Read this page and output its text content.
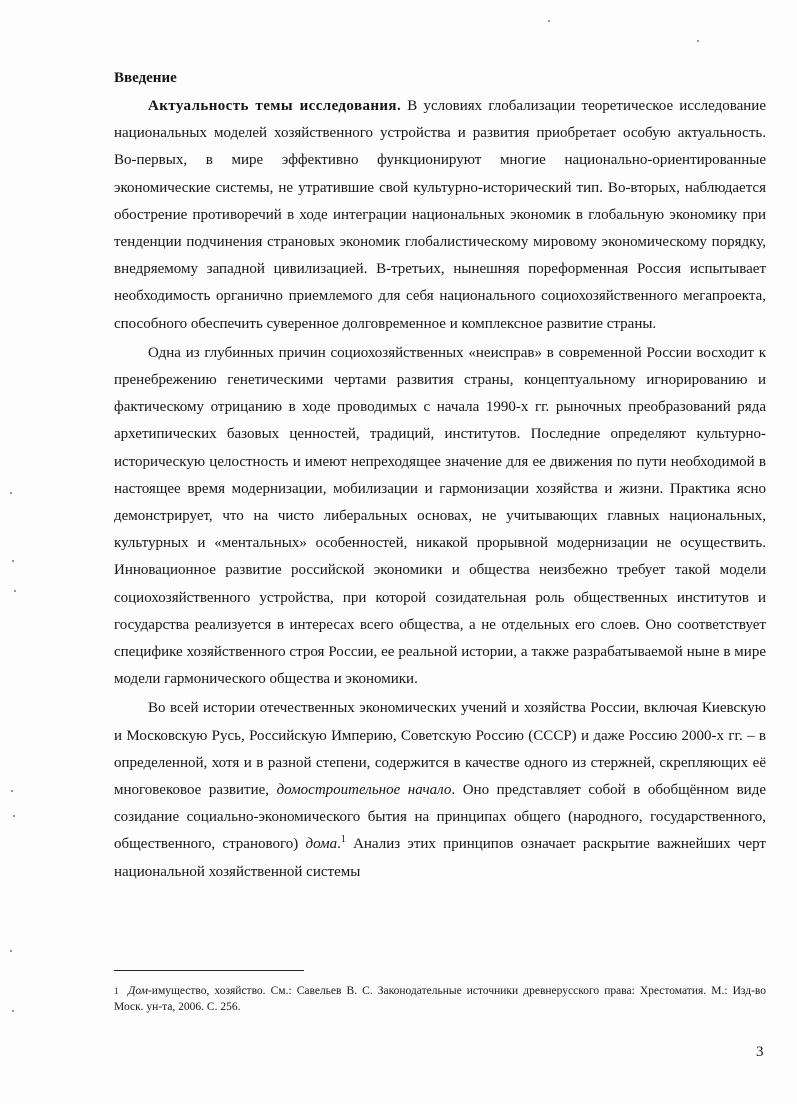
Введение

Актуальность темы исследования. В условиях глобализации теоретическое исследование национальных моделей хозяйственного устройства и развития приобретает особую актуальность. Во-первых, в мире эффективно функционируют многие национально-ориентированные экономические системы, не утратившие свой культурно-исторический тип. Во-вторых, наблюдается обострение противоречий в ходе интеграции национальных экономик в глобальную экономику при тенденции подчинения страновых экономик глобалистическому мировому экономическому порядку, внедряемому западной цивилизацией. В-третьих, нынешняя пореформенная Россия испытывает необходимость органично приемлемого для себя национального социохозяйственного мегапроекта, способного обеспечить суверенное долговременное и комплексное развитие страны.

Одна из глубинных причин социохозяйственных «неисправ» в современной России восходит к пренебрежению генетическими чертами развития страны, концептуальному игнорированию и фактическому отрицанию в ходе проводимых с начала 1990-х гг. рыночных преобразований ряда архетипических базовых ценностей, традиций, институтов. Последние определяют культурно-историческую целостность и имеют непреходящее значение для ее движения по пути необходимой в настоящее время модернизации, мобилизации и гармонизации хозяйства и жизни. Практика ясно демонстрирует, что на чисто либеральных основах, не учитывающих главных национальных, культурных и «ментальных» особенностей, никакой прорывной модернизации не осуществить. Инновационное развитие российской экономики и общества неизбежно требует такой модели социохозяйственного устройства, при которой созидательная роль общественных институтов и государства реализуется в интересах всего общества, а не отдельных его слоев. Оно соответствует специфике хозяйственного строя России, ее реальной истории, а также разрабатываемой ныне в мире модели гармонического общества и экономики.

Во всей истории отечественных экономических учений и хозяйства России, включая Киевскую и Московскую Русь, Российскую Империю, Советскую Россию (СССР) и даже Россию 2000-х гг. – в определенной, хотя и в разной степени, содержится в качестве одного из стержней, скрепляющих её многовековое развитие, домостроительное начало. Оно представляет собой в обобщённом виде созидание социально-экономического бытия на принципах общего (народного, государственного, общественного, странового) дома.$^1$ Анализ этих принципов означает раскрытие важнейших черт национальной хозяйственной системы

1 Дом-имущество, хозяйство. См.: Савельев В. С. Законодательные источники древнерусского права: Хрестоматия. М.: Изд-во Моск. ун-та, 2006. С. 256.
3
